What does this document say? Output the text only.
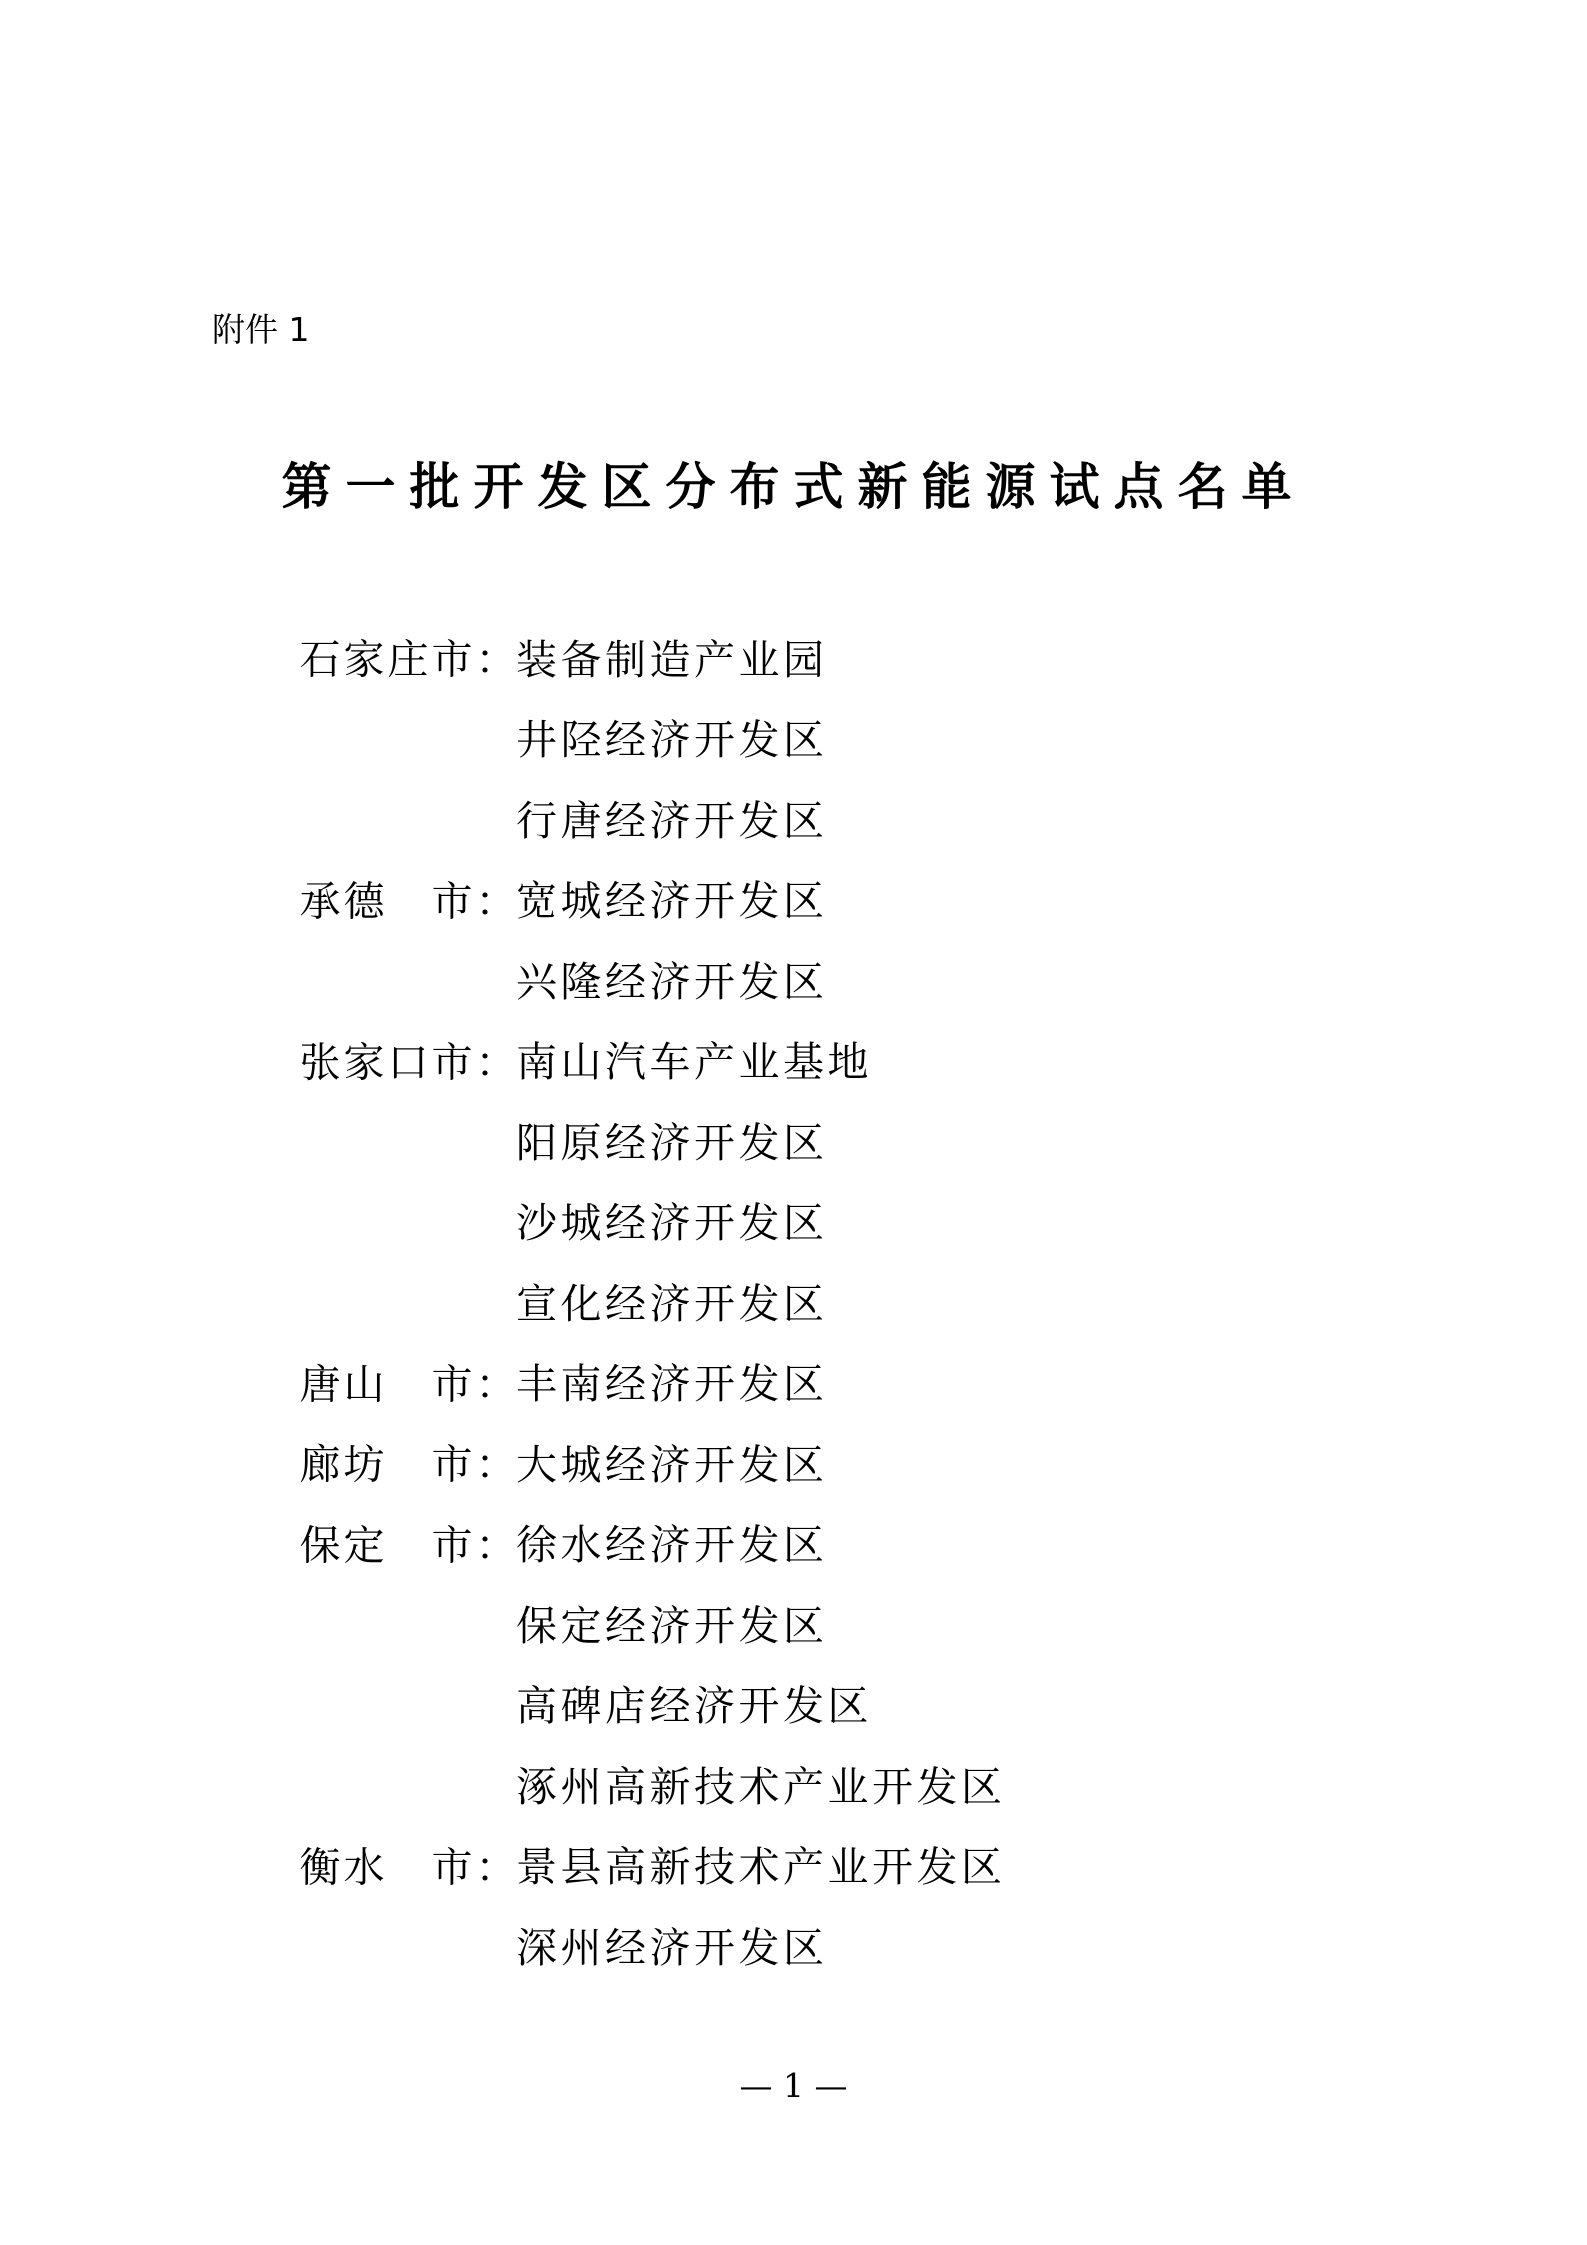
附件 1
第一批开发区分布式新能源试点名单
石 家 庄 市 ： 装备制造产业园
井陉经济开发区
行唐经济开发区
承 德 市 ： 宽城经济开发区
兴隆经济开发区
张 家 口 市 ： 南山汽车产业基地
阳原经济开发区
沙城经济开发区
宣化经济开发区
唐 山 市 ： 丰南经济开发区
廊 坊 市 ： 大城经济开发区
保 定 市 ： 徐水经济开发区
保定经济开发区
高碑店经济开发区
涿州高新技术产业开发区
衡 水 市 ： 景县高新技术产业开发区
深州经济开发区
— 1 —
